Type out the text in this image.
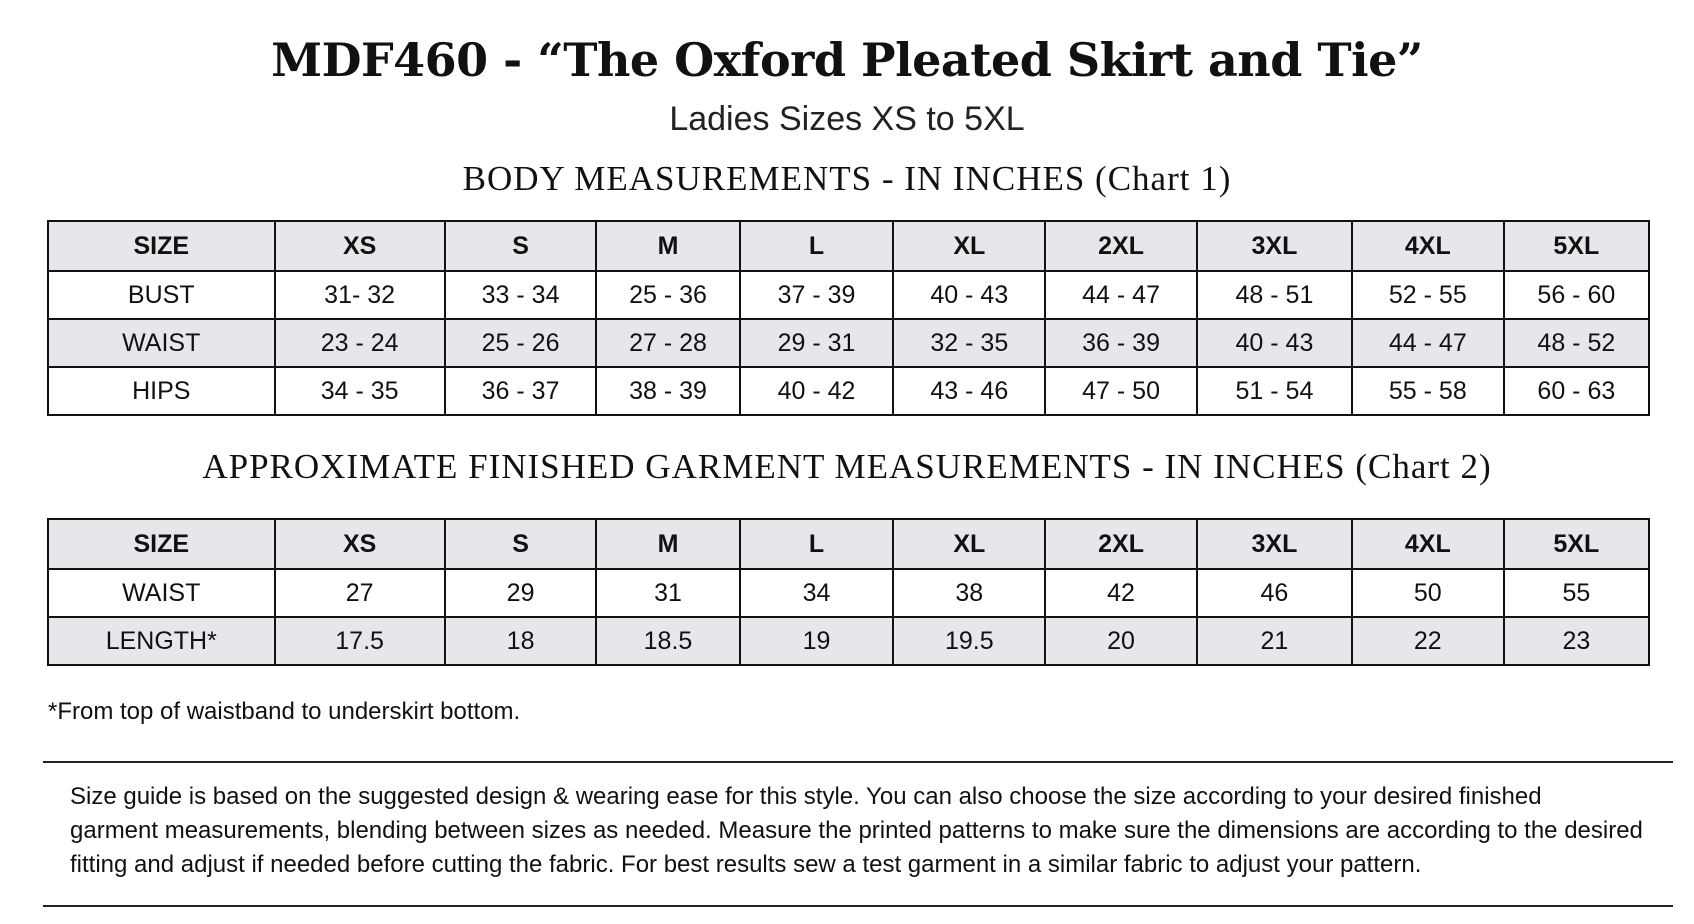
MDF460 - “The Oxford Pleated Skirt and Tie”
Ladies Sizes XS to 5XL
BODY MEASUREMENTS - IN INCHES (Chart 1)
SIZE	XS	S	M	L	XL	2XL	3XL	4XL	5XL
BUST	31- 32	33 - 34	25 - 36	37 - 39	40 - 43	44 - 47	48 - 51	52 - 55	56 - 60
WAIST	23 - 24	25 - 26	27 - 28	29 - 31	32 - 35	36 - 39	40 - 43	44 - 47	48 - 52
HIPS	34 - 35	36 - 37	38 - 39	40 - 42	43 - 46	47 - 50	51 - 54	55 - 58	60 - 63
APPROXIMATE FINISHED GARMENT MEASUREMENTS - IN INCHES (Chart 2)
SIZE	XS	S	M	L	XL	2XL	3XL	4XL	5XL
WAIST	27	29	31	34	38	42	46	50	55
LENGTH*	17.5	18	18.5	19	19.5	20	21	22	23
*From top of waistband to underskirt bottom.
Size guide is based on the suggested design & wearing ease for this style. You can also choose the size according to your desired finished
garment measurements, blending between sizes as needed. Measure the printed patterns to make sure the dimensions are according to the desired
fitting and adjust if needed before cutting the fabric. For best results sew a test garment in a similar fabric to adjust your pattern.
